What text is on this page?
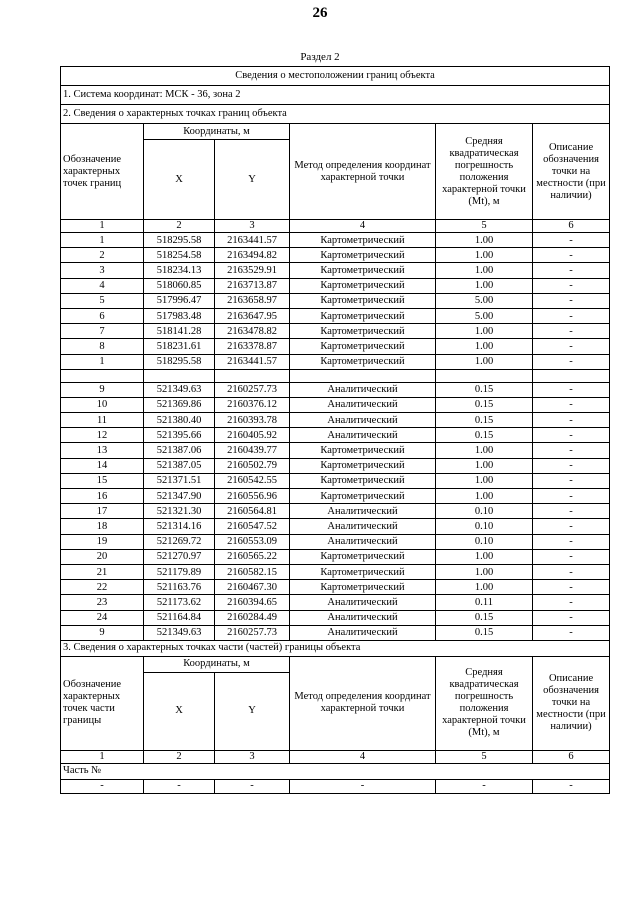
26
Раздел 2
Сведения о местоположении границ объекта					
1. Система координат: МСК - 36, зона 2					
2. Сведения о характерных точках границ объекта					
Обозначение характерных точек границ	Координаты, м		Метод определения координат характерной точки	Средняя квадратическая погрешность положения характерной точки (Mt), м	Описание обозначения точки на местности (при наличии)
	X	Y			
1	2	3	4	5	6
1	518295.58	2163441.57	Картометрический	1.00	-
2	518254.58	2163494.82	Картометрический	1.00	-
3	518234.13	2163529.91	Картометрический	1.00	-
4	518060.85	2163713.87	Картометрический	1.00	-
5	517996.47	2163658.97	Картометрический	5.00	-
6	517983.48	2163647.95	Картометрический	5.00	-
7	518141.28	2163478.82	Картометрический	1.00	-
8	518231.61	2163378.87	Картометрический	1.00	-
1	518295.58	2163441.57	Картометрический	1.00	-

9	521349.63	2160257.73	Аналитический	0.15	-
10	521369.86	2160376.12	Аналитический	0.15	-
11	521380.40	2160393.78	Аналитический	0.15	-
12	521395.66	2160405.92	Аналитический	0.15	-
13	521387.06	2160439.77	Картометрический	1.00	-
14	521387.05	2160502.79	Картометрический	1.00	-
15	521371.51	2160542.55	Картометрический	1.00	-
16	521347.90	2160556.96	Картометрический	1.00	-
17	521321.30	2160564.81	Аналитический	0.10	-
18	521314.16	2160547.52	Аналитический	0.10	-
19	521269.72	2160553.09	Аналитический	0.10	-
20	521270.97	2160565.22	Картометрический	1.00	-
21	521179.89	2160582.15	Картометрический	1.00	-
22	521163.76	2160467.30	Картометрический	1.00	-
23	521173.62	2160394.65	Аналитический	0.11	-
24	521164.84	2160284.49	Аналитический	0.15	-
9	521349.63	2160257.73	Аналитический	0.15	-
3. Сведения о характерных точках части (частей) границы объекта					
Обозначение характерных точек части границы	Координаты, м		Метод определения координат характерной точки	Средняя квадратическая погрешность положения характерной точки (Mt), м	Описание обозначения точки на местности (при наличии)
	X	Y			
1	2	3	4	5	6
Часть №					
-	-	-	-	-	-
